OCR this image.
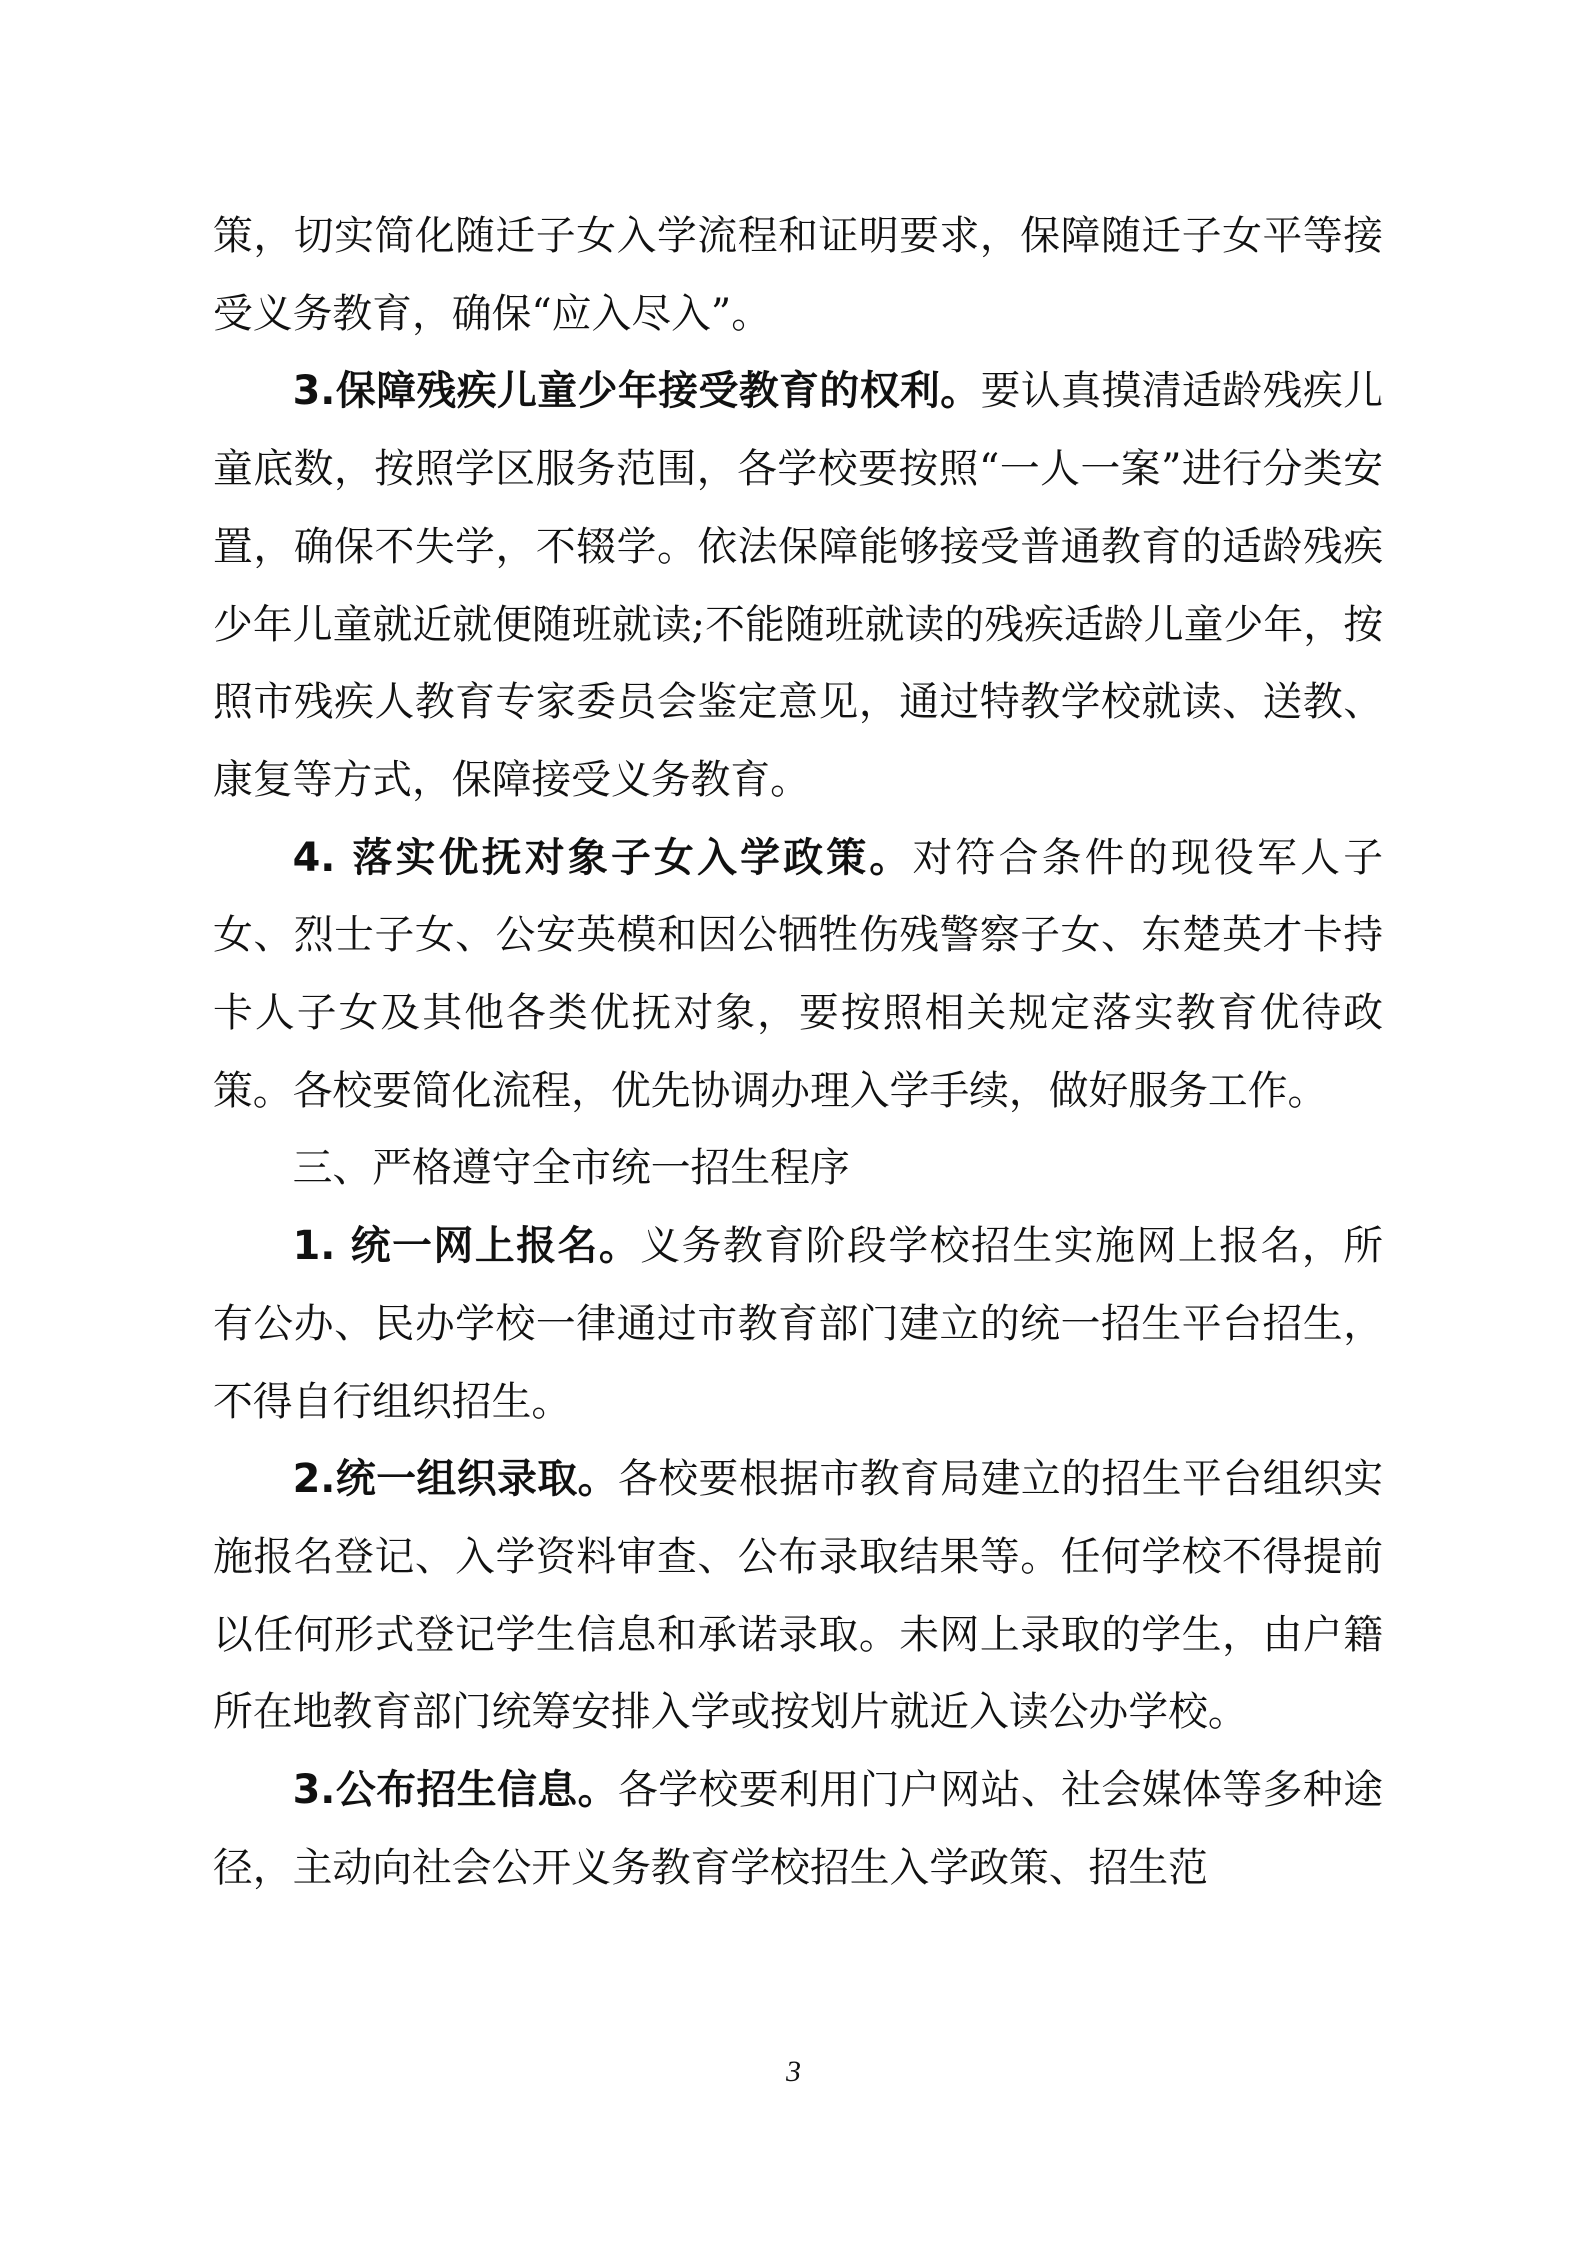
策，切实简化随迁子女入学流程和证明要求，保障随迁子女平等接受义务教育，确保“应入尽入”。

3.保障残疾儿童少年接受教育的权利。要认真摸清适龄残疾儿童底数，按照学区服务范围，各学校要按照“一人一案”进行分类安置，确保不失学，不辍学。依法保障能够接受普通教育的适龄残疾少年儿童就近就便随班就读;不能随班就读的残疾适龄儿童少年，按照市残疾人教育专家委员会鉴定意见，通过特教学校就读、送教、康复等方式，保障接受义务教育。

4. 落实优抚对象子女入学政策。对符合条件的现役军人子女、烈士子女、公安英模和因公牺牲伤残警察子女、东楚英才卡持卡人子女及其他各类优抚对象，要按照相关规定落实教育优待政策。各校要简化流程，优先协调办理入学手续，做好服务工作。

三、严格遵守全市统一招生程序

1. 统一网上报名。义务教育阶段学校招生实施网上报名，所有公办、民办学校一律通过市教育部门建立的统一招生平台招生，不得自行组织招生。

2.统一组织录取。各校要根据市教育局建立的招生平台组织实施报名登记、入学资料审查、公布录取结果等。任何学校不得提前以任何形式登记学生信息和承诺录取。未网上录取的学生，由户籍所在地教育部门统筹安排入学或按划片就近入读公办学校。

3.公布招生信息。各学校要利用门户网站、社会媒体等多种途径，主动向社会公开义务教育学校招生入学政策、招生范

3
